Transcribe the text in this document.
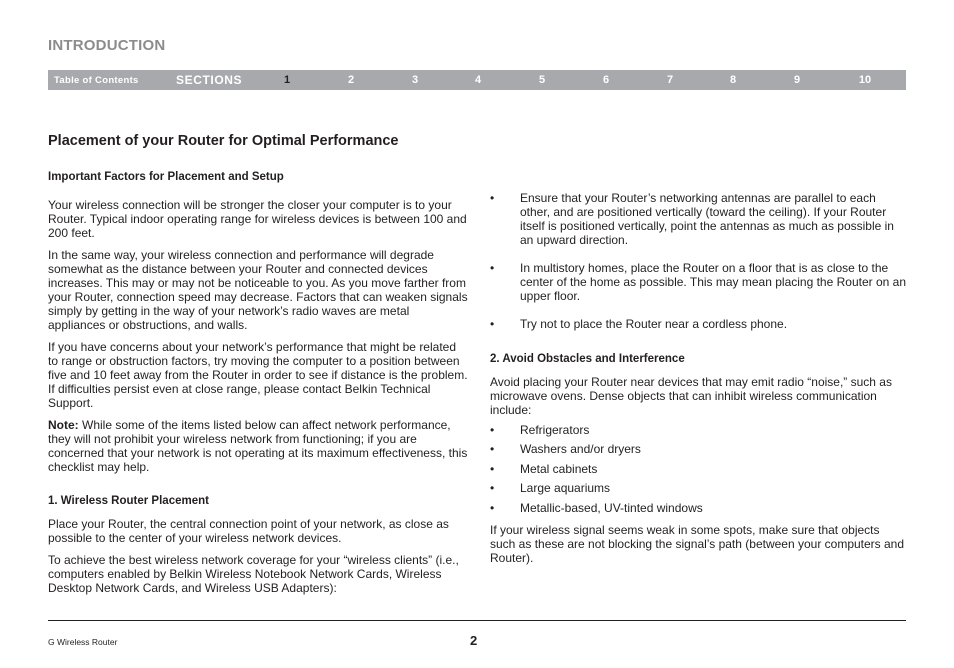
INTRODUCTION
Table of Contents	SECTIONS	1	2	3	4	5	6	7	8	9	10
Placement of your Router for Optimal Performance

Important Factors for Placement and Setup

Your wireless connection will be stronger the closer your computer is to your Router. Typical indoor operating range for wireless devices is between 100 and 200 feet.

In the same way, your wireless connection and performance will degrade somewhat as the distance between your Router and connected devices increases. This may or may not be noticeable to you. As you move farther from your Router, connection speed may decrease. Factors that can weaken signals simply by getting in the way of your network’s radio waves are metal appliances or obstructions, and walls.

If you have concerns about your network’s performance that might be related to range or obstruction factors, try moving the computer to a position between five and 10 feet away from the Router in order to see if distance is the problem. If difficulties persist even at close range, please contact Belkin Technical Support.

Note: While some of the items listed below can affect network performance, they will not prohibit your wireless network from functioning; if you are concerned that your network is not operating at its maximum effectiveness, this checklist may help.

1. Wireless Router Placement

Place your Router, the central connection point of your network, as close as possible to the center of your wireless network devices.

To achieve the best wireless network coverage for your “wireless clients” (i.e., computers enabled by Belkin Wireless Notebook Network Cards, Wireless Desktop Network Cards, and Wireless USB Adapters):

• Ensure that your Router’s networking antennas are parallel to each other, and are positioned vertically (toward the ceiling). If your Router itself is positioned vertically, point the antennas as much as possible in an upward direction.
• In multistory homes, place the Router on a floor that is as close to the center of the home as possible. This may mean placing the Router on an upper floor.
• Try not to place the Router near a cordless phone.

2. Avoid Obstacles and Interference

Avoid placing your Router near devices that may emit radio “noise,” such as microwave ovens. Dense objects that can inhibit wireless communication include:

• Refrigerators
• Washers and/or dryers
• Metal cabinets
• Large aquariums
• Metallic-based, UV-tinted windows

If your wireless signal seems weak in some spots, make sure that objects such as these are not blocking the signal’s path (between your computers and Router).

G Wireless Router	2
